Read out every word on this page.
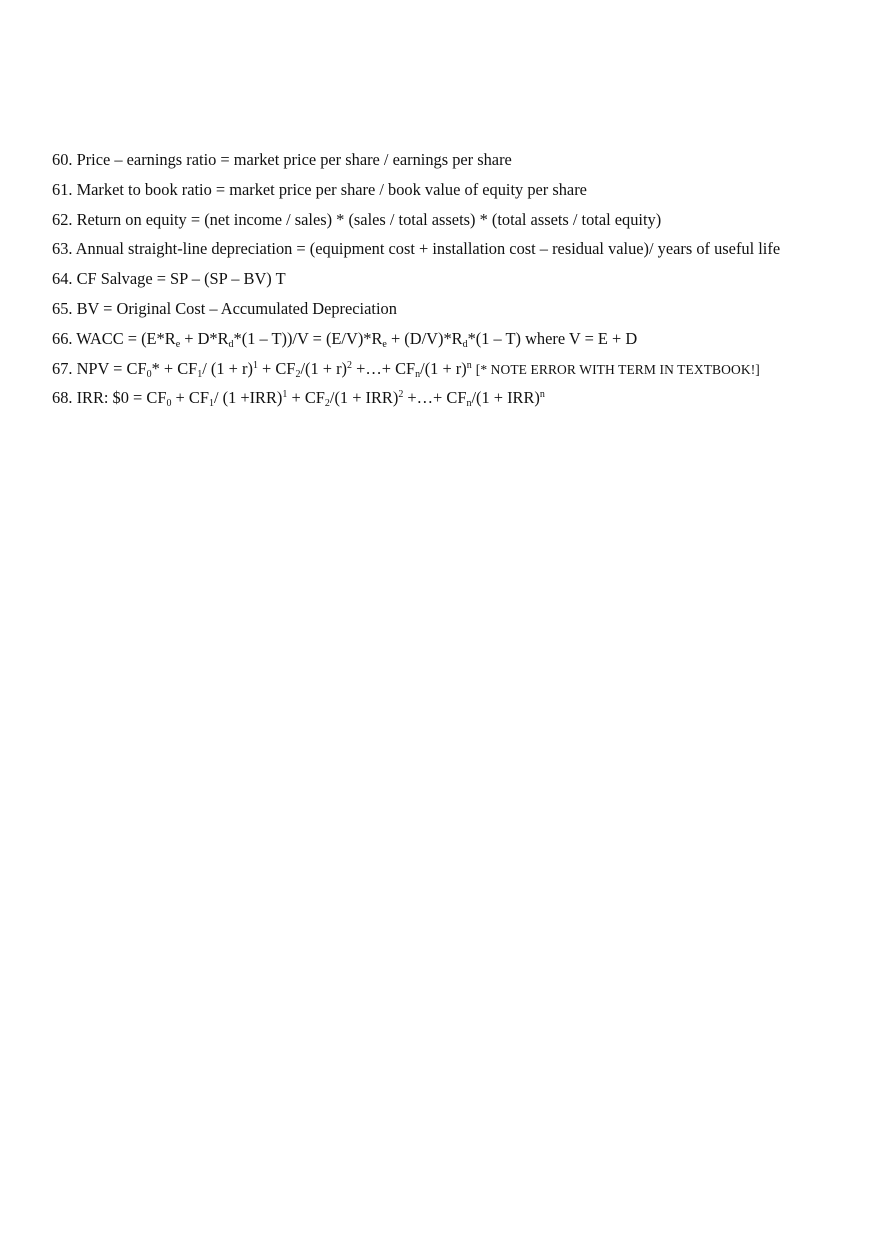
60. Price – earnings ratio = market price per share / earnings per share
61. Market to book ratio = market price per share / book value of equity per share
62. Return on equity = (net income / sales) * (sales / total assets) * (total assets / total equity)
63. Annual straight-line depreciation = (equipment cost + installation cost – residual value)/ years of useful life
64. CF Salvage = SP – (SP – BV) T
65. BV = Original Cost – Accumulated Depreciation
66. WACC = $(E*R_e + D*R_d*(1 - T))/V = (E/V)*R_e + (D/V)*R_d*(1 - T)$ where V = E + D
67. NPV = $CF_0* + CF_1/$ $(1 + r)^1 + CF_2/(1 + r)^2$ +…+ $CF_n/(1 + r)^n$ [* NOTE ERROR WITH TERM IN TEXTBOOK!]
68. IRR: $0 = $CF_0 + CF_1/$ $(1 +IRR)^1 + CF_2/(1 + IRR)^2$ +…+ $CF_n/(1 + IRR)^n$
